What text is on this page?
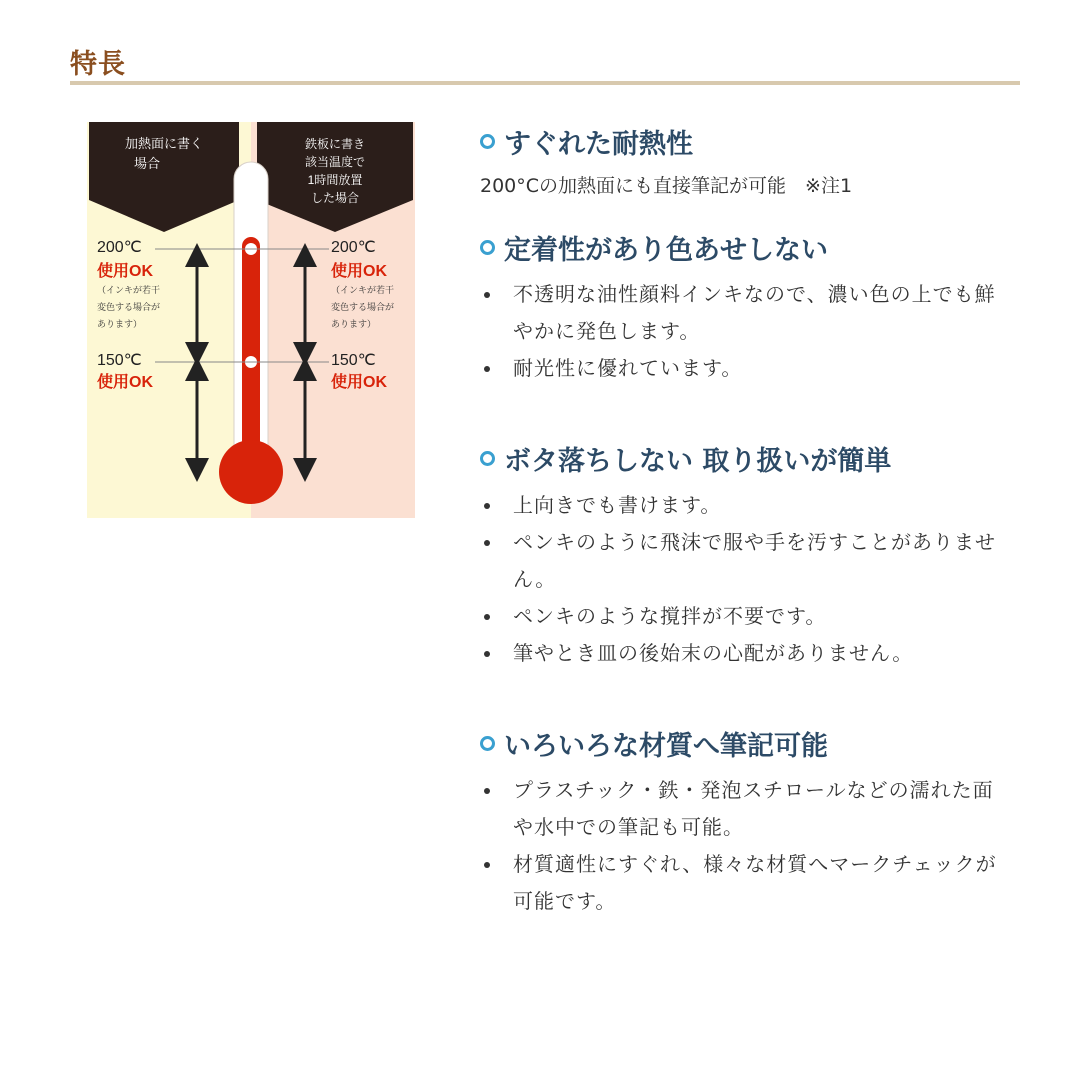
特長
加熱面に書く
場合
鉄板に書き
該当温度で
1時間放置
した場合
200℃
使用OK
（インキが若干
変色する場合が
あります）
150℃
使用OK
200℃
使用OK
（インキが若干
変色する場合が
あります）
150℃
使用OK
すぐれた耐熱性

200°Cの加熱面にも直接筆記が可能　※注1

定着性があり色あせしない
不透明な油性顔料インキなので、濃い色の上でも鮮やかに発色します。
耐光性に優れています。
ボタ落ちしない 取り扱いが簡単
上向きでも書けます。
ペンキのように飛沫で服や手を汚すことがありません。
ペンキのような撹拌が不要です。
筆やとき皿の後始末の心配がありません。
いろいろな材質へ筆記可能
プラスチック・鉄・発泡スチロールなどの濡れた面や水中での筆記も可能。
材質適性にすぐれ、様々な材質へマークチェックが可能です。
